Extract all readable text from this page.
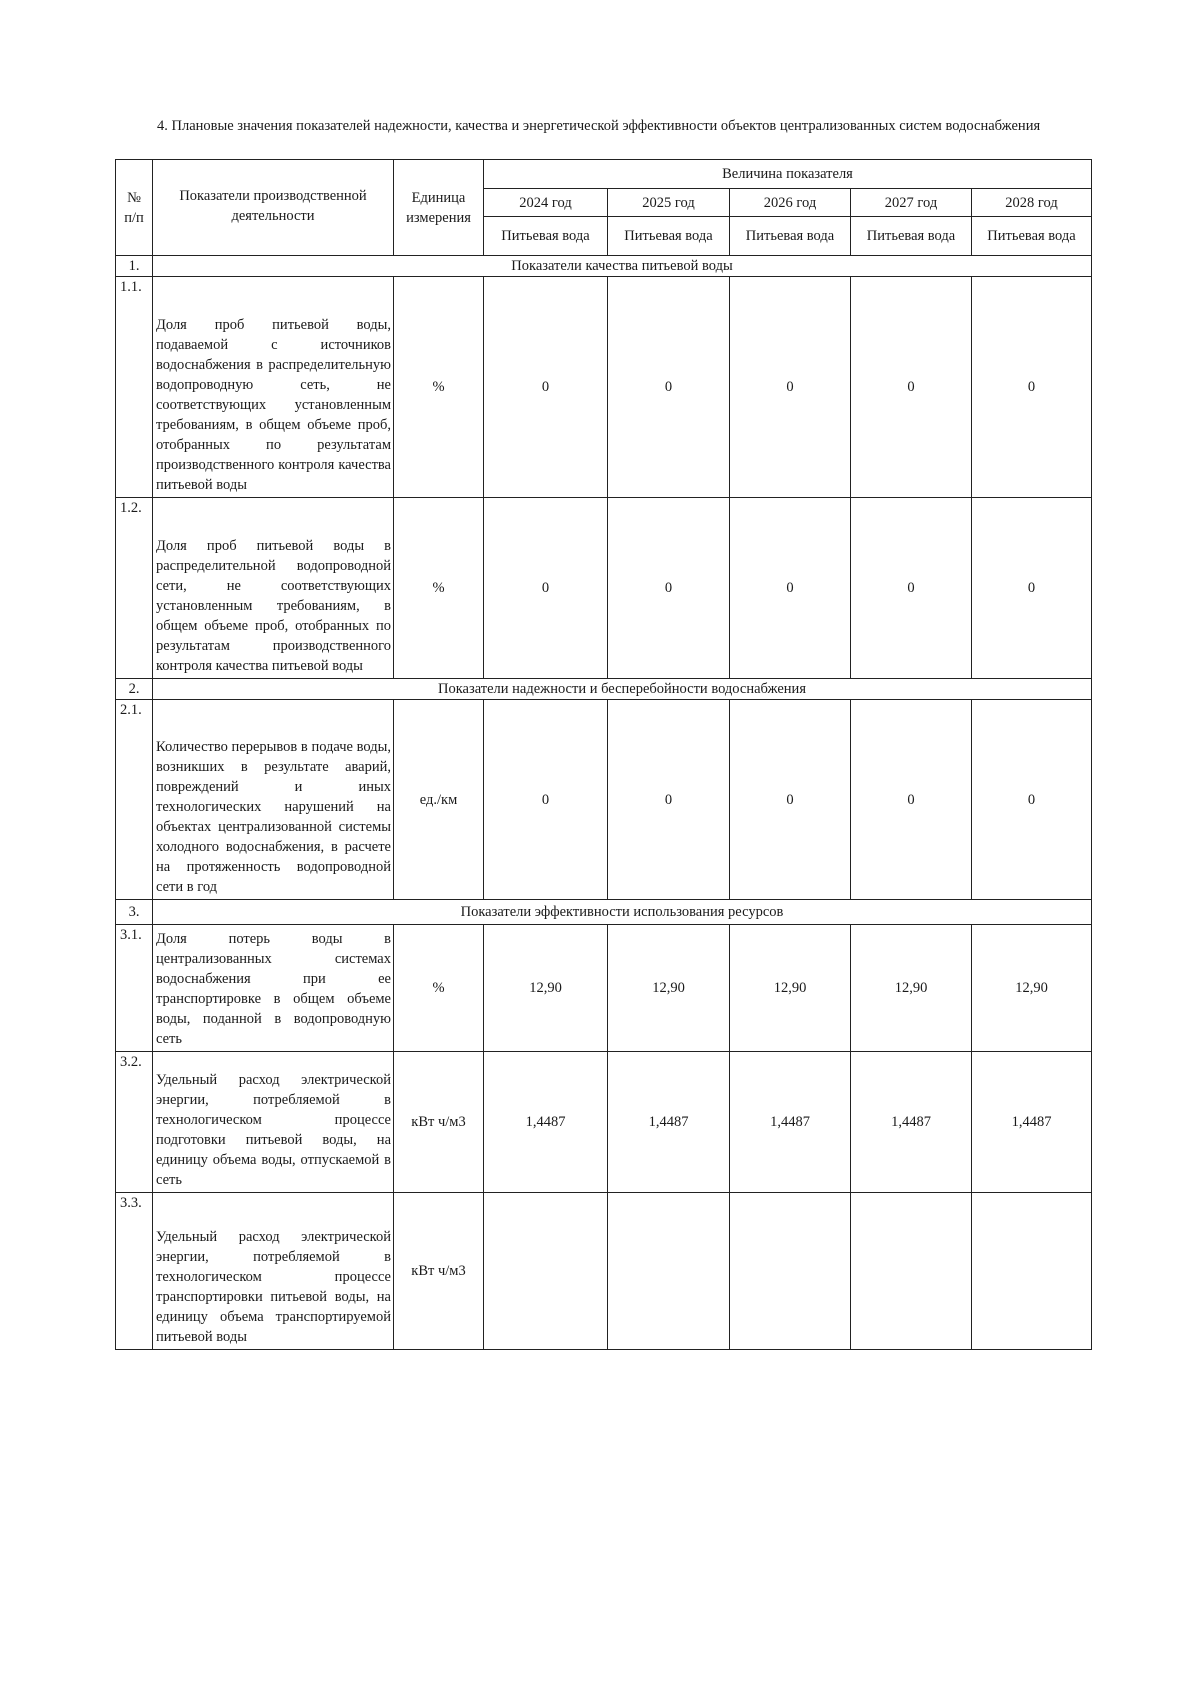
4. Плановые значения показателей надежности, качества и энергетической эффективности объектов централизованных систем водоснабжения

№ п/п	Показатели производственной деятельности	Единица измерения	Величина показателя				
			2024 год	2025 год	2026 год	2027 год	2028 год
			Питьевая вода	Питьевая вода	Питьевая вода	Питьевая вода	Питьевая вода
1.	Показатели качества питьевой воды						
1.1.	Доля проб питьевой воды, подаваемой с источников водоснабжения в распределительную водопроводную сеть, не соответствующих установленным требованиям, в общем объеме проб, отобранных по результатам производственного контроля качества питьевой воды	%	0	0	0	0	0
1.2.	Доля проб питьевой воды в распределительной водопроводной сети, не соответствующих установленным требованиям, в общем объеме проб, отобранных по результатам производственного контроля качества питьевой воды	%	0	0	0	0	0
2.	Показатели надежности и бесперебойности водоснабжения						
2.1.	Количество перерывов в подаче воды, возникших в результате аварий, повреждений и иных технологических нарушений на объектах централизованной системы холодного водоснабжения, в расчете на протяженность водопроводной сети в год	ед./км	0	0	0	0	0
3.	Показатели эффективности использования ресурсов						
3.1.	Доля потерь воды в централизованных системах водоснабжения при ее транспортировке в общем объеме воды, поданной в водопроводную сеть	%	12,90	12,90	12,90	12,90	12,90
3.2.	Удельный расход электрической энергии, потребляемой в технологическом процессе подготовки питьевой воды, на единицу объема воды, отпускаемой в сеть	кВт ч/м3	1,4487	1,4487	1,4487	1,4487	1,4487
3.3.	Удельный расход электрической энергии, потребляемой в технологическом процессе транспортировки питьевой воды, на единицу объема транспортируемой питьевой воды	кВт ч/м3					
